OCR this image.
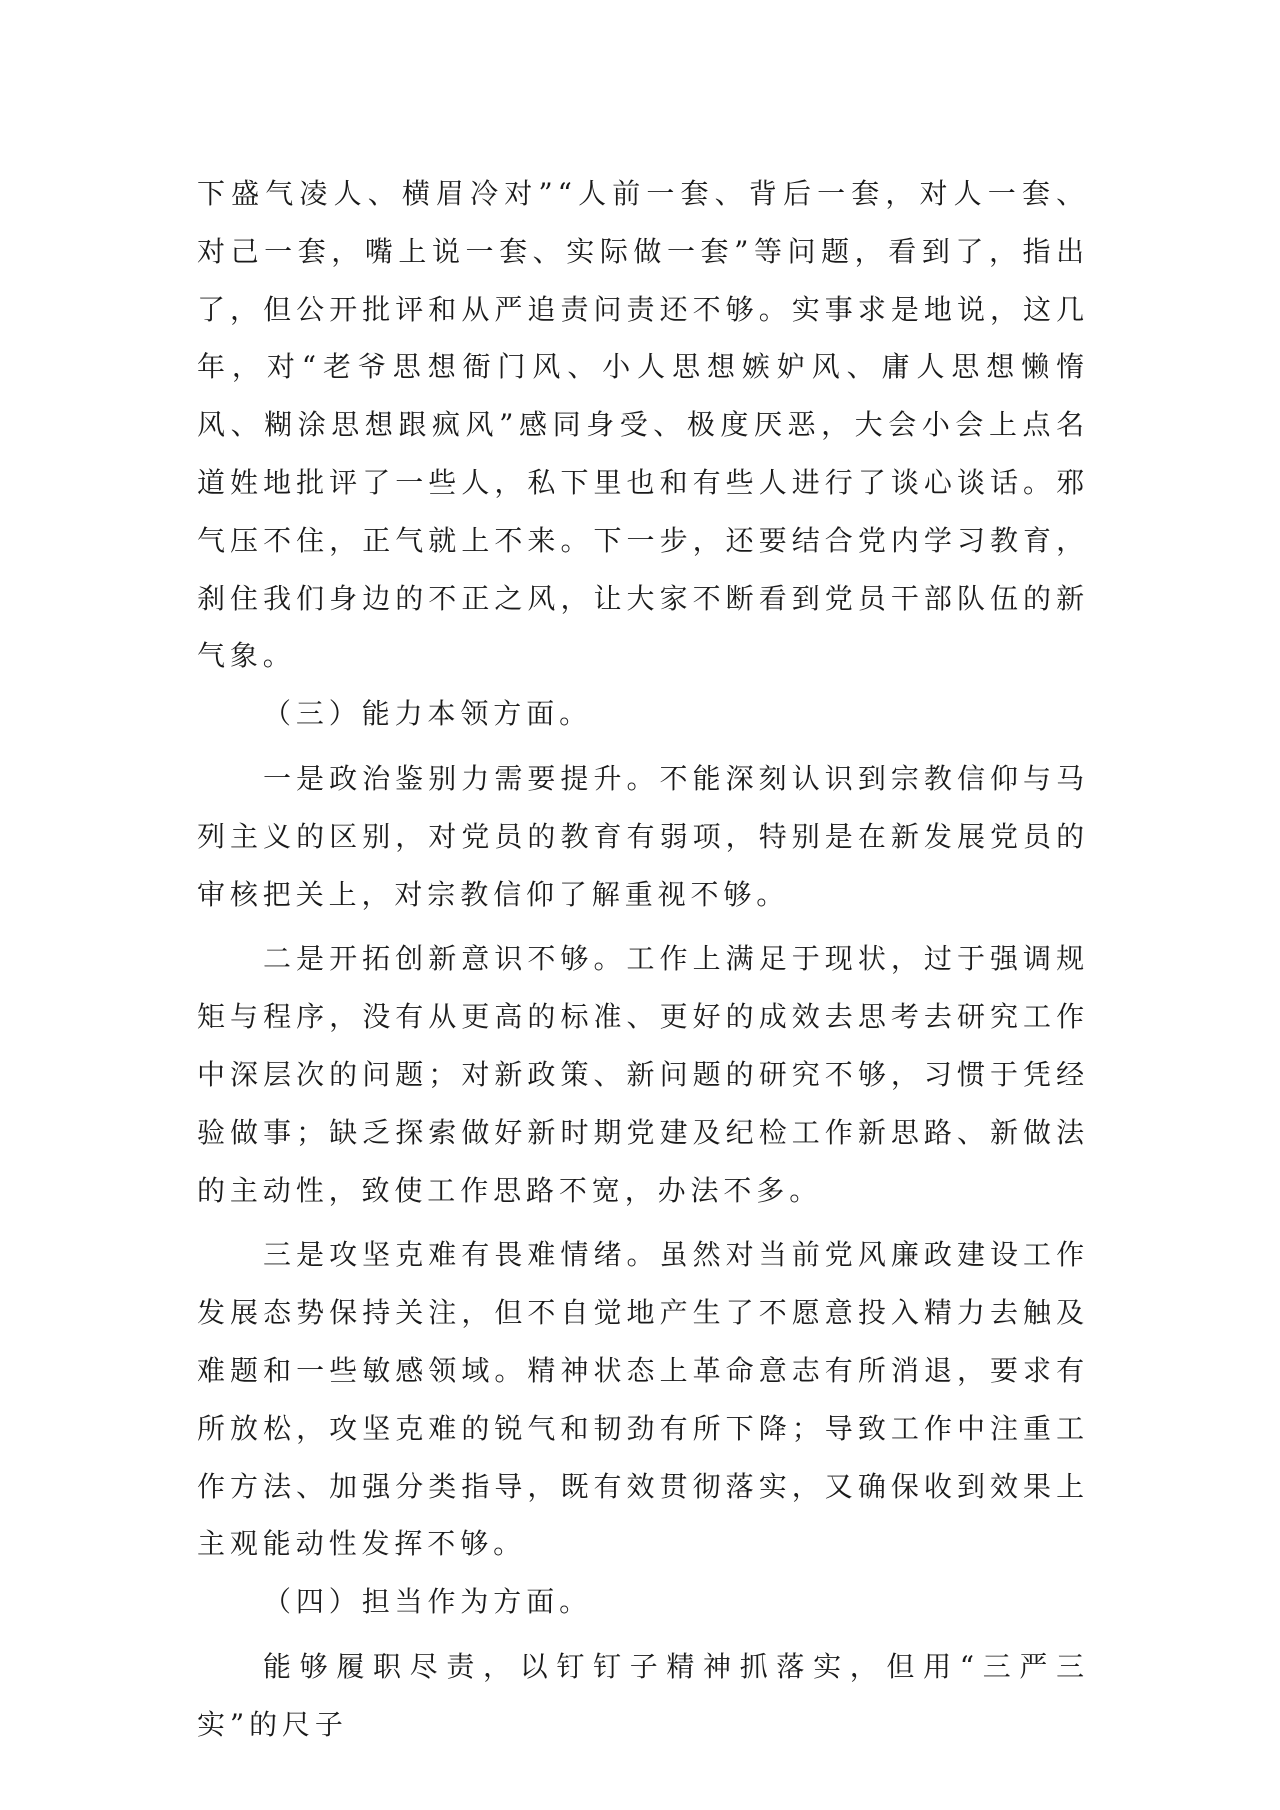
下盛气凌人、横眉冷对”“人前一套、背后一套，对人一套、对己一套，嘴上说一套、实际做一套”等问题，看到了，指出了，但公开批评和从严追责问责还不够。实事求是地说，这几年，对“老爷思想衙门风、小人思想嫉妒风、庸人思想懒惰风、糊涂思想跟疯风”感同身受、极度厌恶，大会小会上点名道姓地批评了一些人，私下里也和有些人进行了谈心谈话。邪气压不住，正气就上不来。下一步，还要结合党内学习教育，刹住我们身边的不正之风，让大家不断看到党员干部队伍的新气象。

（三）能力本领方面。

一是政治鉴别力需要提升。不能深刻认识到宗教信仰与马列主义的区别，对党员的教育有弱项，特别是在新发展党员的审核把关上，对宗教信仰了解重视不够。

二是开拓创新意识不够。工作上满足于现状，过于强调规矩与程序，没有从更高的标准、更好的成效去思考去研究工作中深层次的问题；对新政策、新问题的研究不够，习惯于凭经验做事；缺乏探索做好新时期党建及纪检工作新思路、新做法的主动性，致使工作思路不宽，办法不多。

三是攻坚克难有畏难情绪。虽然对当前党风廉政建设工作发展态势保持关注，但不自觉地产生了不愿意投入精力去触及难题和一些敏感领域。精神状态上革命意志有所消退，要求有所放松，攻坚克难的锐气和韧劲有所下降；导致工作中注重工作方法、加强分类指导，既有效贯彻落实，又确保收到效果上主观能动性发挥不够。

（四）担当作为方面。

能够履职尽责，以钉钉子精神抓落实，但用“三严三实”的尺子
